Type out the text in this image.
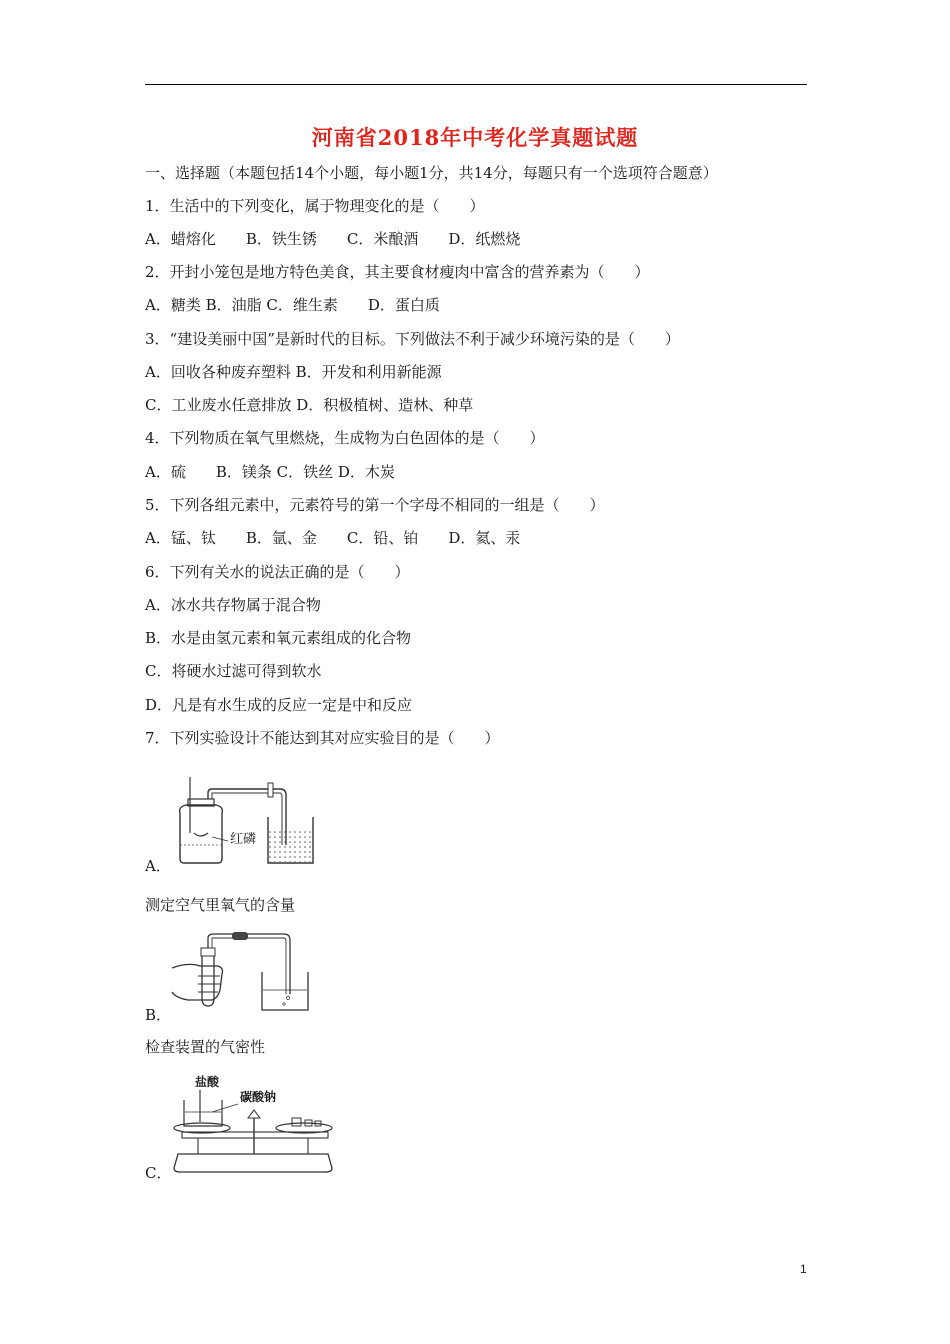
河南省2018年中考化学真题试题
一、选择题（本题包括14个小题，每小题1分，共14分，每题只有一个选项符合题意）
1．生活中的下列变化，属于物理变化的是（　　）
A．蜡熔化　　B．铁生锈　　C．米酿酒　　D．纸燃烧
2．开封小笼包是地方特色美食，其主要食材瘦肉中富含的营养素为（　　）
A．糖类 B．油脂 C．维生素　　D．蛋白质
3．“建设美丽中国”是新时代的目标。下列做法不利于减少环境污染的是（　　）
A．回收各种废弃塑料 B．开发和利用新能源
C．工业废水任意排放 D．积极植树、造林、种草
4．下列物质在氧气里燃烧，生成物为白色固体的是（　　）
A．硫　　B．镁条 C．铁丝 D．木炭
5．下列各组元素中，元素符号的第一个字母不相同的一组是（　　）
A．锰、钛　　B．氩、金　　C．铅、铂　　D．氦、汞
6．下列有关水的说法正确的是（　　）
A．冰水共存物属于混合物
B．水是由氢元素和氧元素组成的化合物
C．将硬水过滤可得到软水
D．凡是有水生成的反应一定是中和反应
7．下列实验设计不能达到其对应实验目的是（　　）
红磷
A．
测定空气里氧气的含量
B．
检查装置的气密性
盐酸
碳酸钠
C．
1
